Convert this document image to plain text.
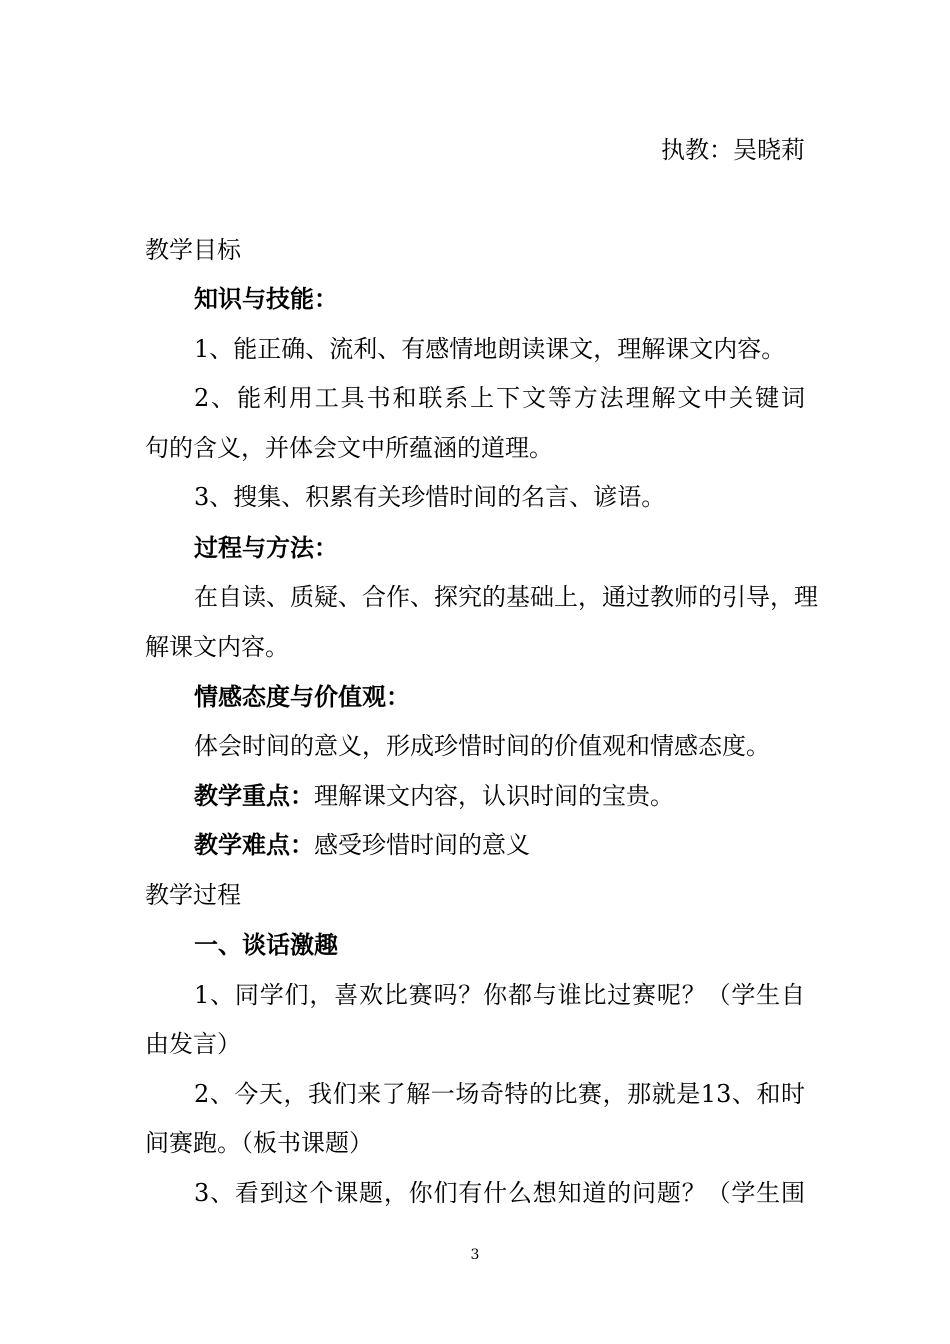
执教：吴晓莉
教学目标
知识与技能：
1、能正确、流利、有感情地朗读课文，理解课文内容。
2、能利用工具书和联系上下文等方法理解文中关键词
句的含义，并体会文中所蕴涵的道理。
3、搜集、积累有关珍惜时间的名言、谚语。
过程与方法：
在自读、质疑、合作、探究的基础上，通过教师的引导，理
解课文内容。
情感态度与价值观：
体会时间的意义，形成珍惜时间的价值观和情感态度。
教学重点：理解课文内容，认识时间的宝贵。
教学难点：感受珍惜时间的意义
教学过程
一、谈话激趣
1、同学们，喜欢比赛吗？你都与谁比过赛呢？（学生自
由发言）
2、今天，我们来了解一场奇特的比赛，那就是13、和时
间赛跑。（板书课题）
3、看到这个课题，你们有什么想知道的问题？（学生围
3
